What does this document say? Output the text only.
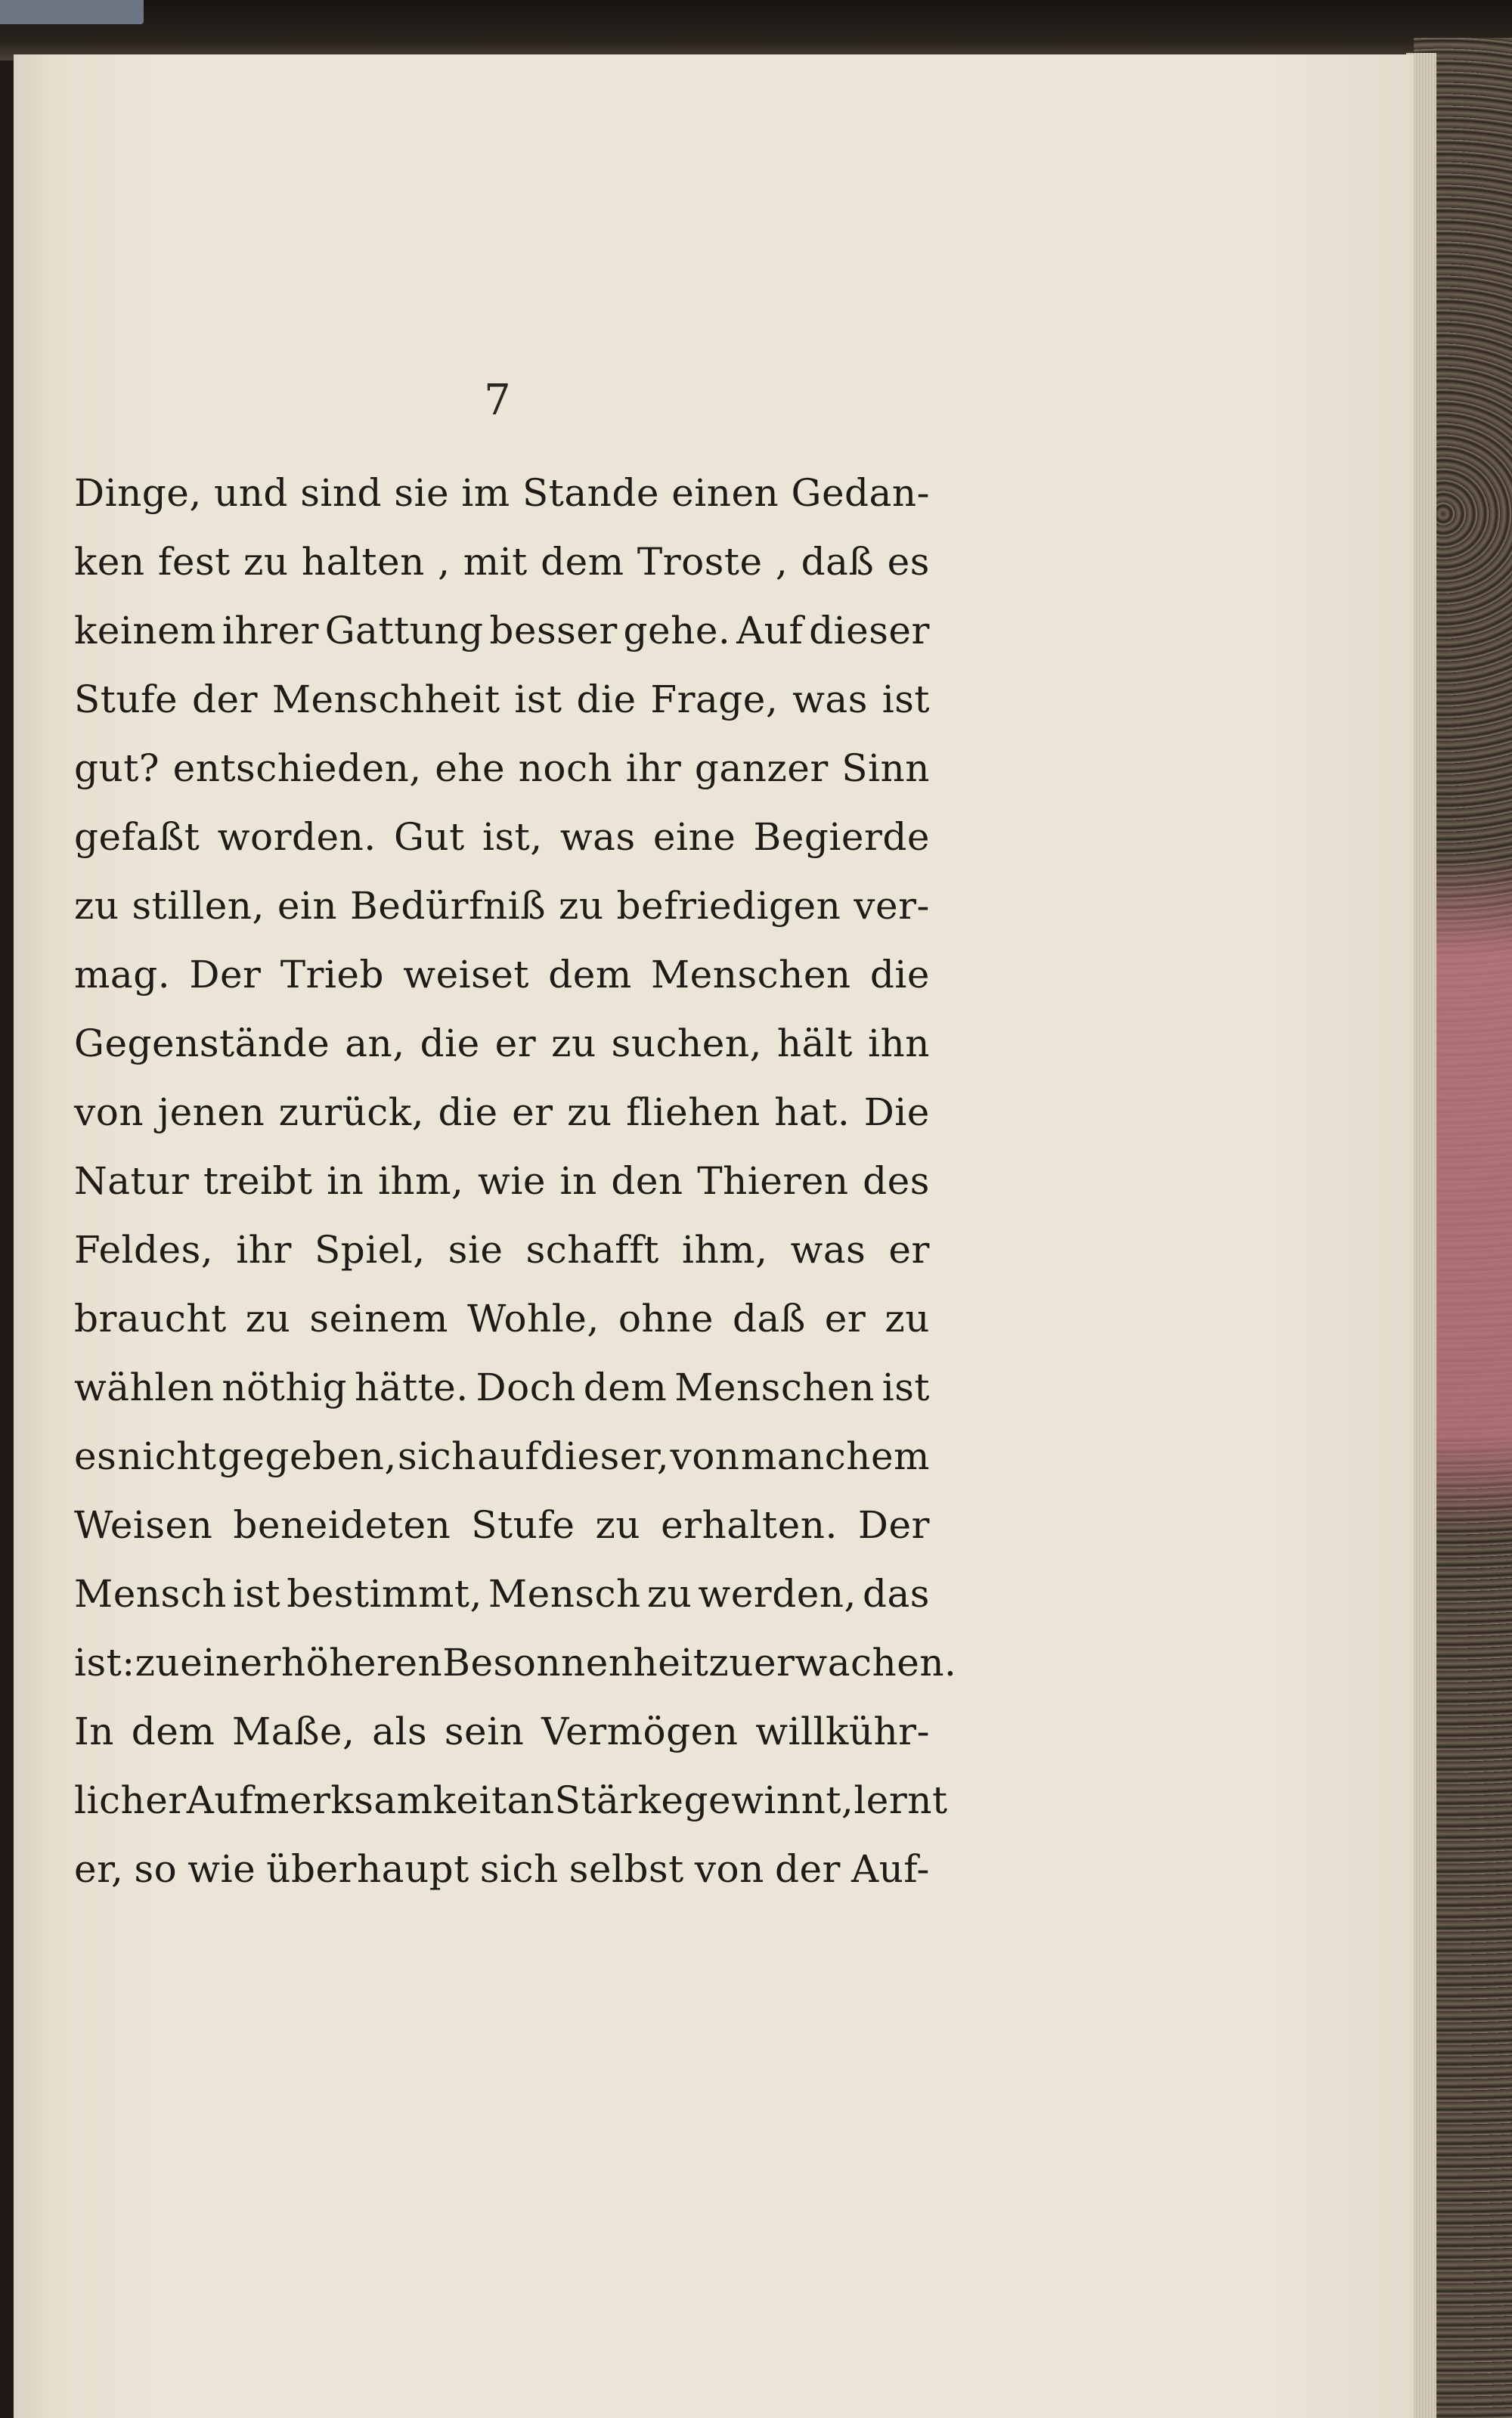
7
Dinge, und sind sie im Stande einen Gedan-
ken fest zu halten , mit dem Troste , daß es
keinem ihrer Gattung besser gehe. Auf dieser
Stufe der Menschheit ist die Frage, was ist
gut? entschieden, ehe noch ihr ganzer Sinn
gefaßt worden. Gut ist, was eine Begierde
zu stillen, ein Bedürfniß zu befriedigen ver-
mag. Der Trieb weiset dem Menschen die
Gegenstände an, die er zu suchen, hält ihn
von jenen zurück, die er zu fliehen hat. Die
Natur treibt in ihm, wie in den Thieren des
Feldes, ihr Spiel, sie schafft ihm, was er
braucht zu seinem Wohle, ohne daß er zu
wählen nöthig hätte. Doch dem Menschen ist
es nicht gegeben, sich auf dieser, von manchem
Weisen beneideten Stufe zu erhalten. Der
Mensch ist bestimmt, Mensch zu werden, das
ist: zu einer höheren Besonnenheit zu erwachen.
In dem Maße, als sein Vermögen willkühr-
licher Aufmerksamkeit an Stärke gewinnt, lernt
er, so wie überhaupt sich selbst von der Auf-
